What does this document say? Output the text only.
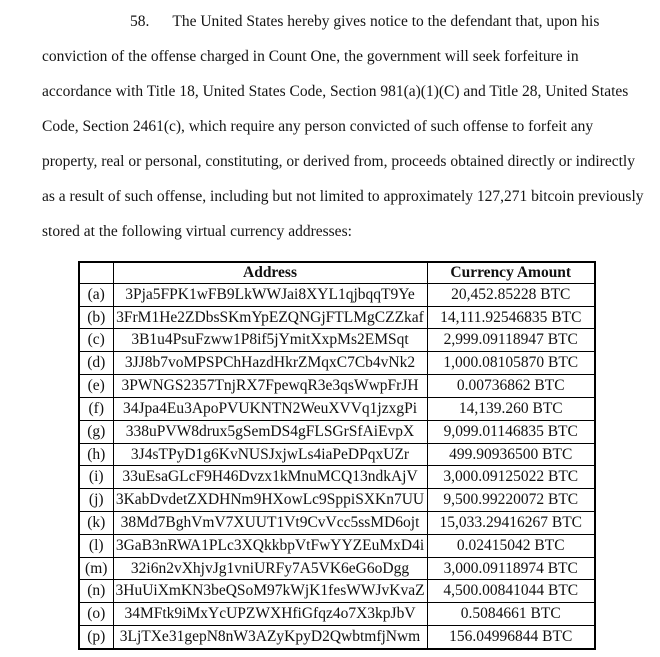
58. The United States hereby gives notice to the defendant that, upon his
conviction of the offense charged in Count One, the government will seek forfeiture in
accordance with Title 18, United States Code, Section 981(a)(1)(C) and Title 28, United States
Code, Section 2461(c), which require any person convicted of such offense to forfeit any
property, real or personal, constituting, or derived from, proceeds obtained directly or indirectly
as a result of such offense, including but not limited to approximately 127,271 bitcoin previously
stored at the following virtual currency addresses:
	Address	Currency Amount
(a)	3Pja5FPK1wFB9LkWWJai8XYL1qjbqqT9Ye	20,452.85228 BTC
(b)	3FrM1He2ZDbsSKmYpEZQNGjFTLMgCZZkaf	14,111.92546835 BTC
(c)	3B1u4PsuFzww1P8if5jYmitXxpMs2EMSqt	2,999.09118947 BTC
(d)	3JJ8b7voMPSPChHazdHkrZMqxC7Cb4vNk2	1,000.08105870 BTC
(e)	3PWNGS2357TnjRX7FpewqR3e3qsWwpFrJH	0.00736862 BTC
(f)	34Jpa4Eu3ApoPVUKNTN2WeuXVVq1jzxgPi	14,139.260 BTC
(g)	338uPVW8drux5gSemDS4gFLSGrSfAiEvpX	9,099.01146835 BTC
(h)	3J4sTPyD1g6KvNUSJxjwLs4iaPeDPqxUZr	499.90936500 BTC
(i)	33uEsaGLcF9H46Dvzx1kMnuMCQ13ndkAjV	3,000.09125022 BTC
(j)	3KabDvdetZXDHNm9HXowLc9SppiSXKn7UU	9,500.99220072 BTC
(k)	38Md7BghVmV7XUUT1Vt9CvVcc5ssMD6ojt	15,033.29416267 BTC
(l)	3GaB3nRWA1PLc3XQkkbpVtFwYYZEuMxD4i	0.02415042 BTC
(m)	32i6n2vXhjvJg1vniURFy7A5VK6eG6oDgg	3,000.09118974 BTC
(n)	3HuUiXmKN3beQSoM97kWjK1fesWWJvKvaZ	4,500.00841044 BTC
(o)	34MFtk9iMxYcUPZWXHfiGfqz4o7X3kpJbV	0.5084661 BTC
(p)	3LjTXe31gepN8nW3AZyKpyD2QwbtmfjNwm	156.04996844 BTC
